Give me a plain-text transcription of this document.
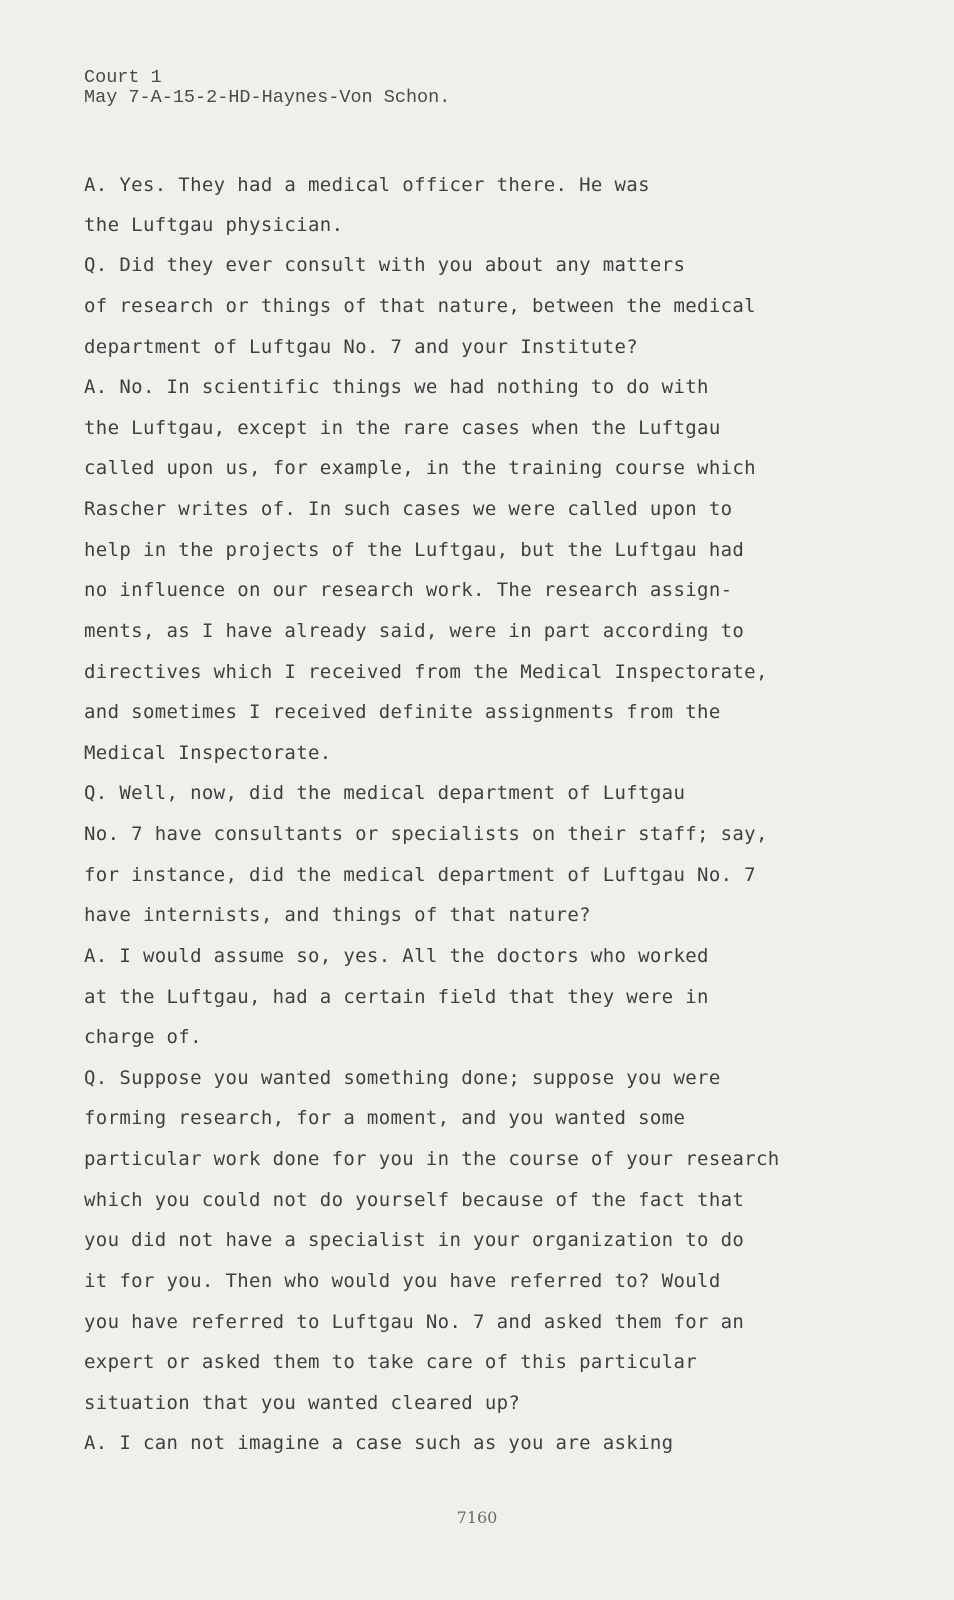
Court 1
May 7-A-15-2-HD-Haynes-Von Schon.
A. Yes. They had a medical officer there. He was
the Luftgau physician.
Q. Did they ever consult with you about any matters
of research or things of that nature, between the medical
department of Luftgau No. 7 and your Institute?
A. No. In scientific things we had nothing to do with
the Luftgau, except in the rare cases when the Luftgau
called upon us, for example, in the training course which
Rascher writes of. In such cases we were called upon to
help in the projects of the Luftgau, but the Luftgau had
no influence on our research work. The research assign-
ments, as I have already said, were in part according to
directives which I received from the Medical Inspectorate,
and sometimes I received definite assignments from the
Medical Inspectorate.
Q. Well, now, did the medical department of Luftgau
No. 7 have consultants or specialists on their staff; say,
for instance, did the medical department of Luftgau No. 7
have internists, and things of that nature?
A. I would assume so, yes. All the doctors who worked
at the Luftgau, had a certain field that they were in
charge of.
Q. Suppose you wanted something done; suppose you were
forming research, for a moment, and you wanted some
particular work done for you in the course of your research
which you could not do yourself because of the fact that
you did not have a specialist in your organization to do
it for you. Then who would you have referred to? Would
you have referred to Luftgau No. 7 and asked them for an
expert or asked them to take care of this particular
situation that you wanted cleared up?
A. I can not imagine a case such as you are asking
7160
